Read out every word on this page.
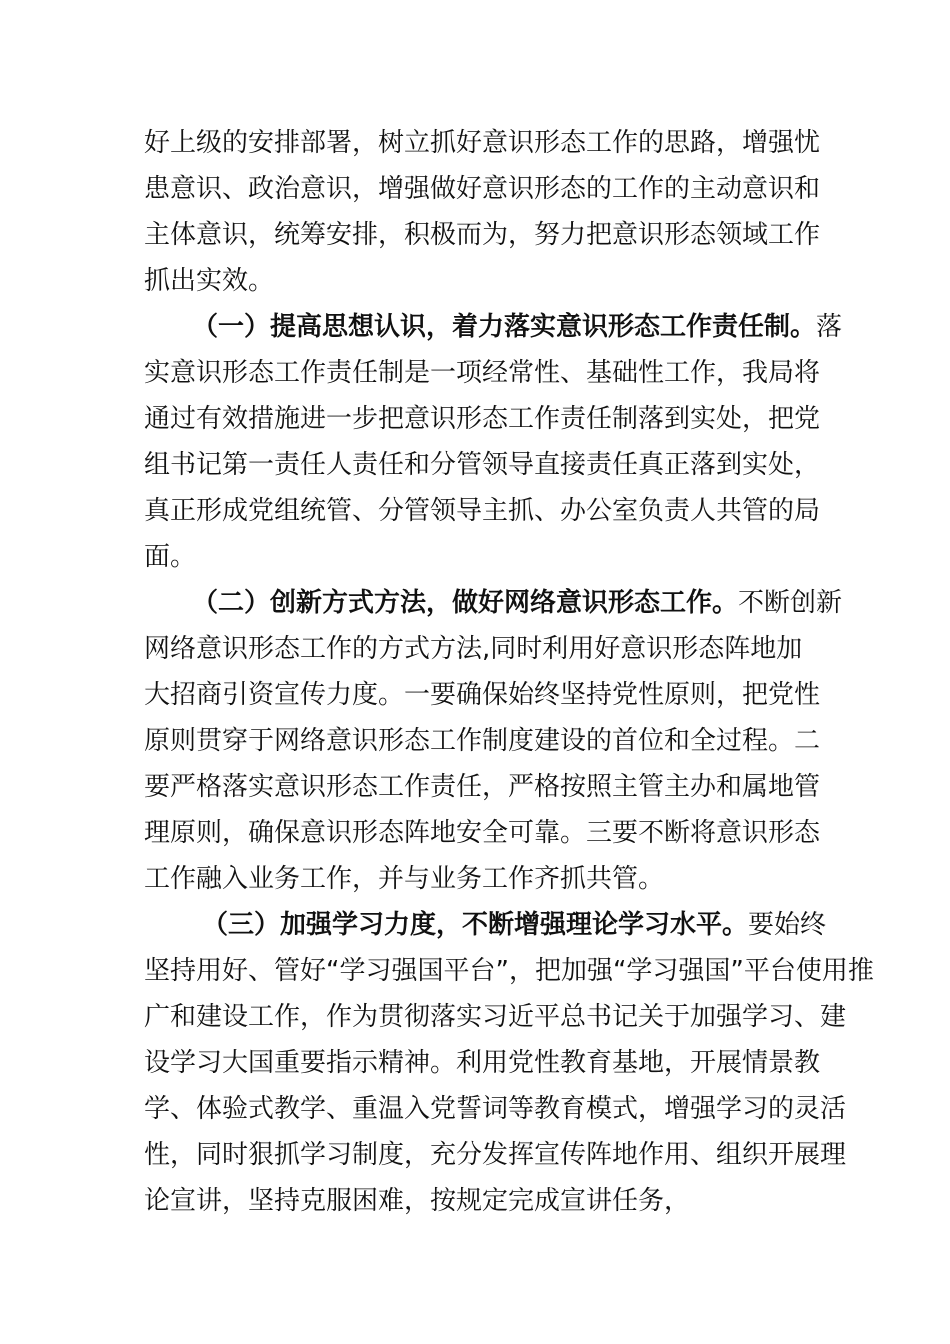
好上级的安排部署，树立抓好意识形态工作的思路，增强忧
患意识、政治意识，增强做好意识形态的工作的主动意识和
主体意识，统筹安排，积极而为，努力把意识形态领域工作
抓出实效。
（一）提高思想认识，着力落实意识形态工作责任制。落
实意识形态工作责任制是一项经常性、基础性工作，我局将
通过有效措施进一步把意识形态工作责任制落到实处，把党
组书记第一责任人责任和分管领导直接责任真正落到实处，
真正形成党组统管、分管领导主抓、办公室负责人共管的局
面。
（二）创新方式方法，做好网络意识形态工作。不断创新
网络意识形态工作的方式方法,同时利用好意识形态阵地加
大招商引资宣传力度。一要确保始终坚持党性原则，把党性
原则贯穿于网络意识形态工作制度建设的首位和全过程。二
要严格落实意识形态工作责任，严格按照主管主办和属地管
理原则，确保意识形态阵地安全可靠。三要不断将意识形态
工作融入业务工作，并与业务工作齐抓共管。
（三）加强学习力度，不断增强理论学习水平。要始终
坚持用好、管好“学习强国平台”，把加强“学习强国”平台使用推
广和建设工作，作为贯彻落实习近平总书记关于加强学习、建
设学习大国重要指示精神。利用党性教育基地，开展情景教
学、体验式教学、重温入党誓词等教育模式，增强学习的灵活
性，同时狠抓学习制度，充分发挥宣传阵地作用、组织开展理
论宣讲，坚持克服困难，按规定完成宣讲任务，
